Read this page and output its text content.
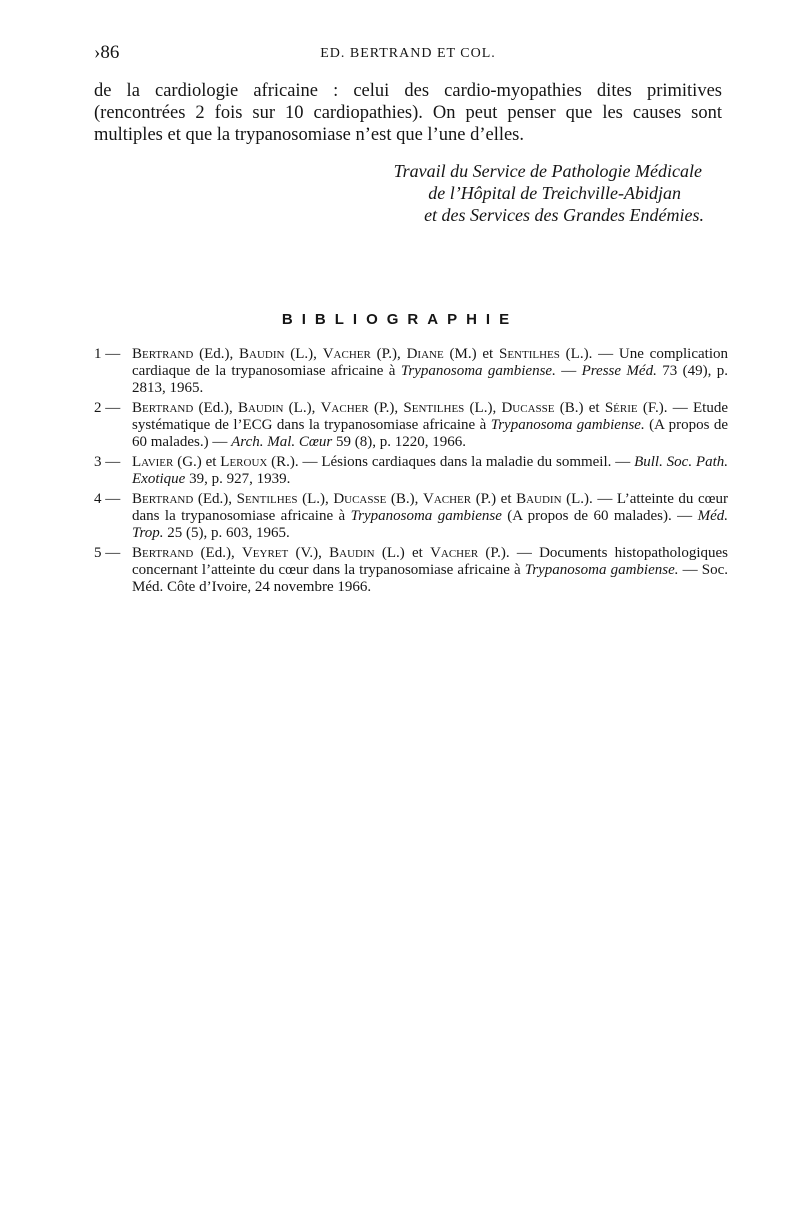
›86	ED. BERTRAND ET COL.

de la cardiologie africaine : celui des cardio-myopathies dites primitives (rencontrées 2 fois sur 10 cardiopathies). On peut penser que les causes sont multiples et que la trypanosomiase n’est que l’une d’elles.

Travail du Service de Pathologie Médicale
de l’Hôpital de Treichville-Abidjan
et des Services des Grandes Endémies.
BIBLIOGRAPHIE
1 — Bertrand (Ed.), Baudin (L.), Vacher (P.), Diane (M.) et Sentilhes (L.). — Une complication cardiaque de la trypanosomiase africaine à Trypanosoma gambiense. — Presse Méd. 73 (49), p. 2813, 1965.
2 — Bertrand (Ed.), Baudin (L.), Vacher (P.), Sentilhes (L.), Ducasse (B.) et Série (F.). — Etude systématique de l’ECG dans la trypanosomiase africaine à Trypanosoma gambiense. (A propos de 60 malades.) — Arch. Mal. Cœur 59 (8), p. 1220, 1966.
3 — Lavier (G.) et Leroux (R.). — Lésions cardiaques dans la maladie du sommeil. — Bull. Soc. Path. Exotique 39, p. 927, 1939.
4 — Bertrand (Ed.), Sentilhes (L.), Ducasse (B.), Vacher (P.) et Baudin (L.). — L’atteinte du cœur dans la trypanosomiase africaine à Trypanosoma gambiense (A propos de 60 malades). — Méd. Trop. 25 (5), p. 603, 1965.
5 — Bertrand (Ed.), Veyret (V.), Baudin (L.) et Vacher (P.). — Documents histopathologiques concernant l’atteinte du cœur dans la trypanosomiase africaine à Trypanosoma gambiense. — Soc. Méd. Côte d’Ivoire, 24 novembre 1966.
